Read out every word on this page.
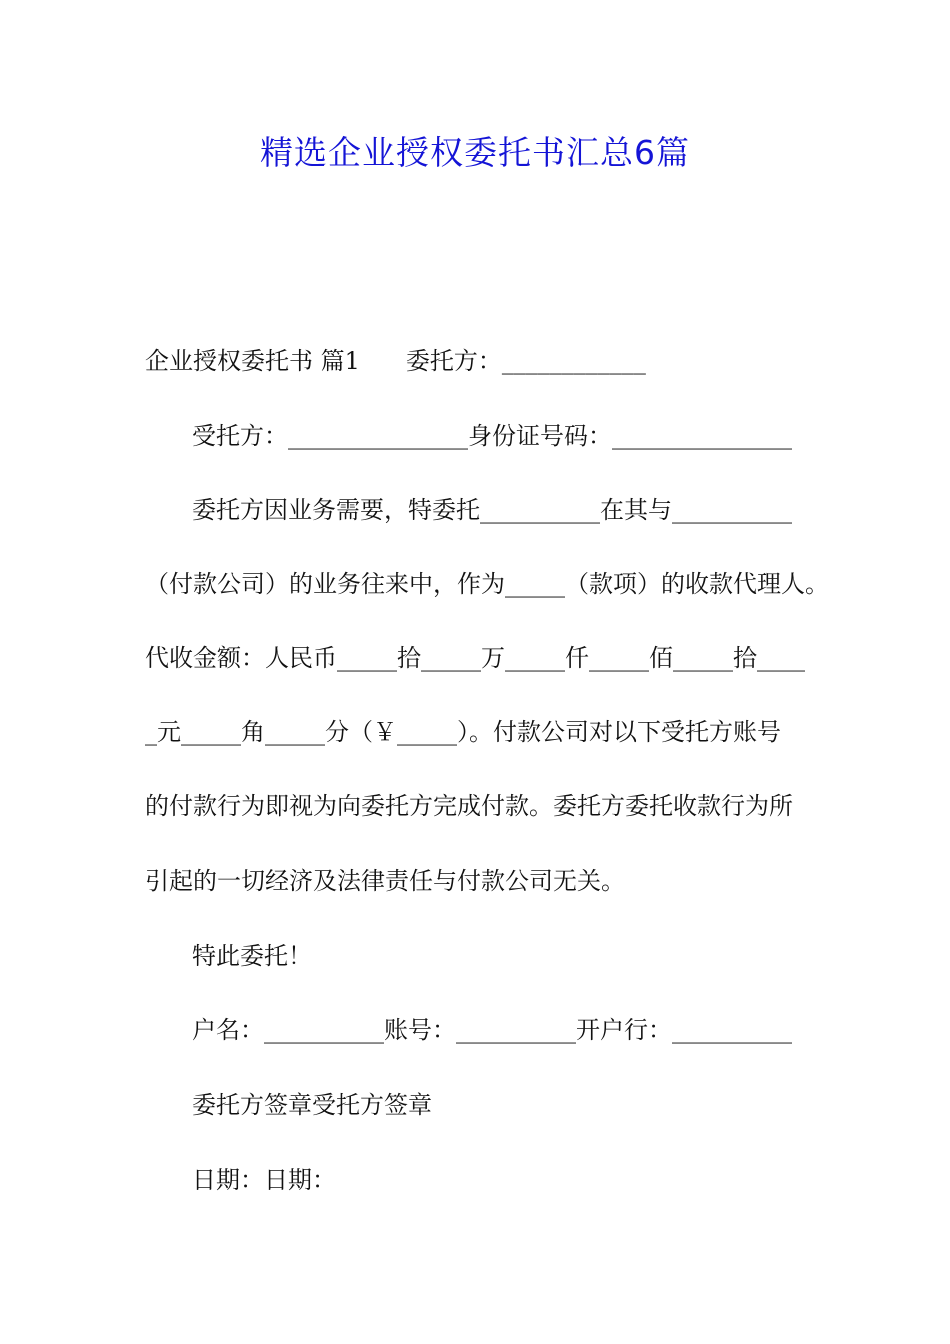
精选企业授权委托书汇总6篇
企业授权委托书 篇1 委托方：____________
受托方：_______________身份证号码：_______________
委托方因业务需要，特委托__________在其与__________
（付款公司）的业务往来中，作为_____（款项）的收款代理人。
代收金额：人民币_____拾_____万_____仟_____佰_____拾____
_元_____角_____分（￥_____）。付款公司对以下受托方账号
的付款行为即视为向委托方完成付款。委托方委托收款行为所
引起的一切经济及法律责任与付款公司无关。
特此委托！
户名：__________账号：__________开户行：__________
委托方签章受托方签章
日期：日期：
